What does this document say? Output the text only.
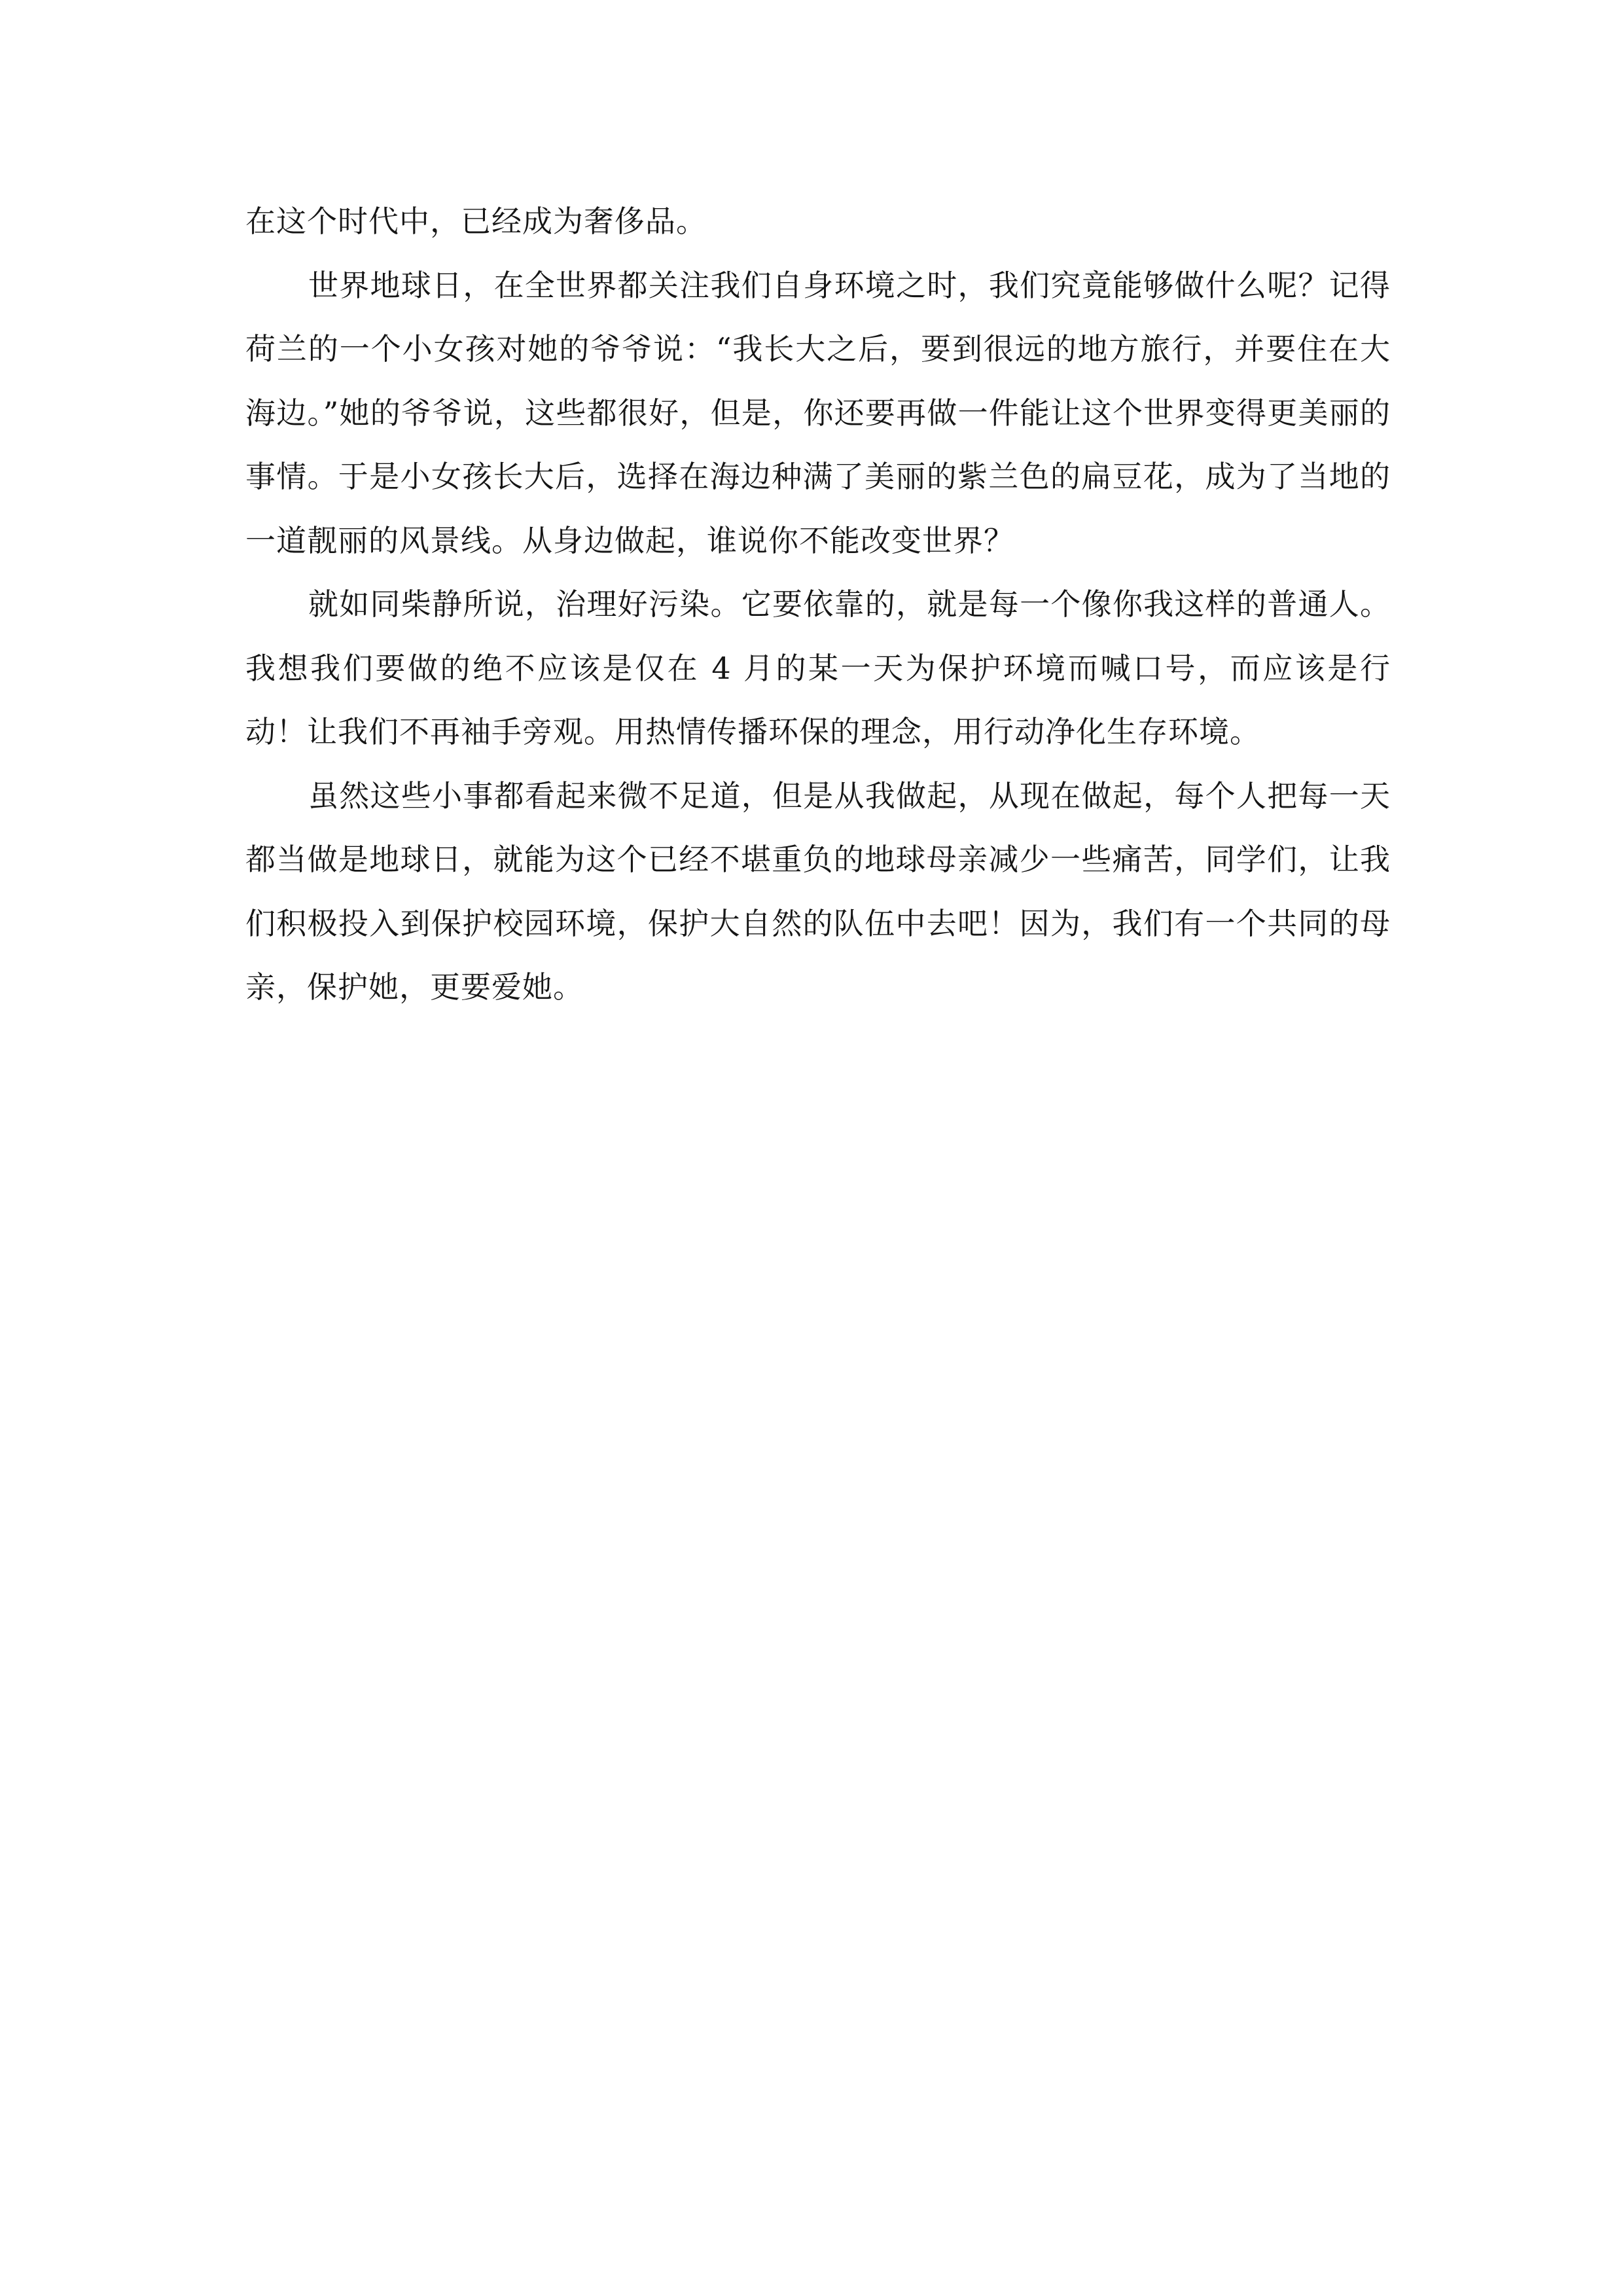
在这个时代中，已经成为奢侈品。

世界地球日，在全世界都关注我们自身环境之时，我们究竟能够做什么呢？记得荷兰的一个小女孩对她的爷爷说：“我长大之后，要到很远的地方旅行，并要住在大海边。”她的爷爷说，这些都很好，但是，你还要再做一件能让这个世界变得更美丽的事情。于是小女孩长大后，选择在海边种满了美丽的紫兰色的扁豆花，成为了当地的一道靓丽的风景线。从身边做起，谁说你不能改变世界？

就如同柴静所说，治理好污染。它要依靠的，就是每一个像你我这样的普通人。我想我们要做的绝不应该是仅在 4 月的某一天为保护环境而喊口号，而应该是行动！让我们不再袖手旁观。用热情传播环保的理念，用行动净化生存环境。

虽然这些小事都看起来微不足道，但是从我做起，从现在做起，每个人把每一天都当做是地球日，就能为这个已经不堪重负的地球母亲减少一些痛苦，同学们，让我们积极投入到保护校园环境，保护大自然的队伍中去吧！因为，我们有一个共同的母亲，保护她，更要爱她。
